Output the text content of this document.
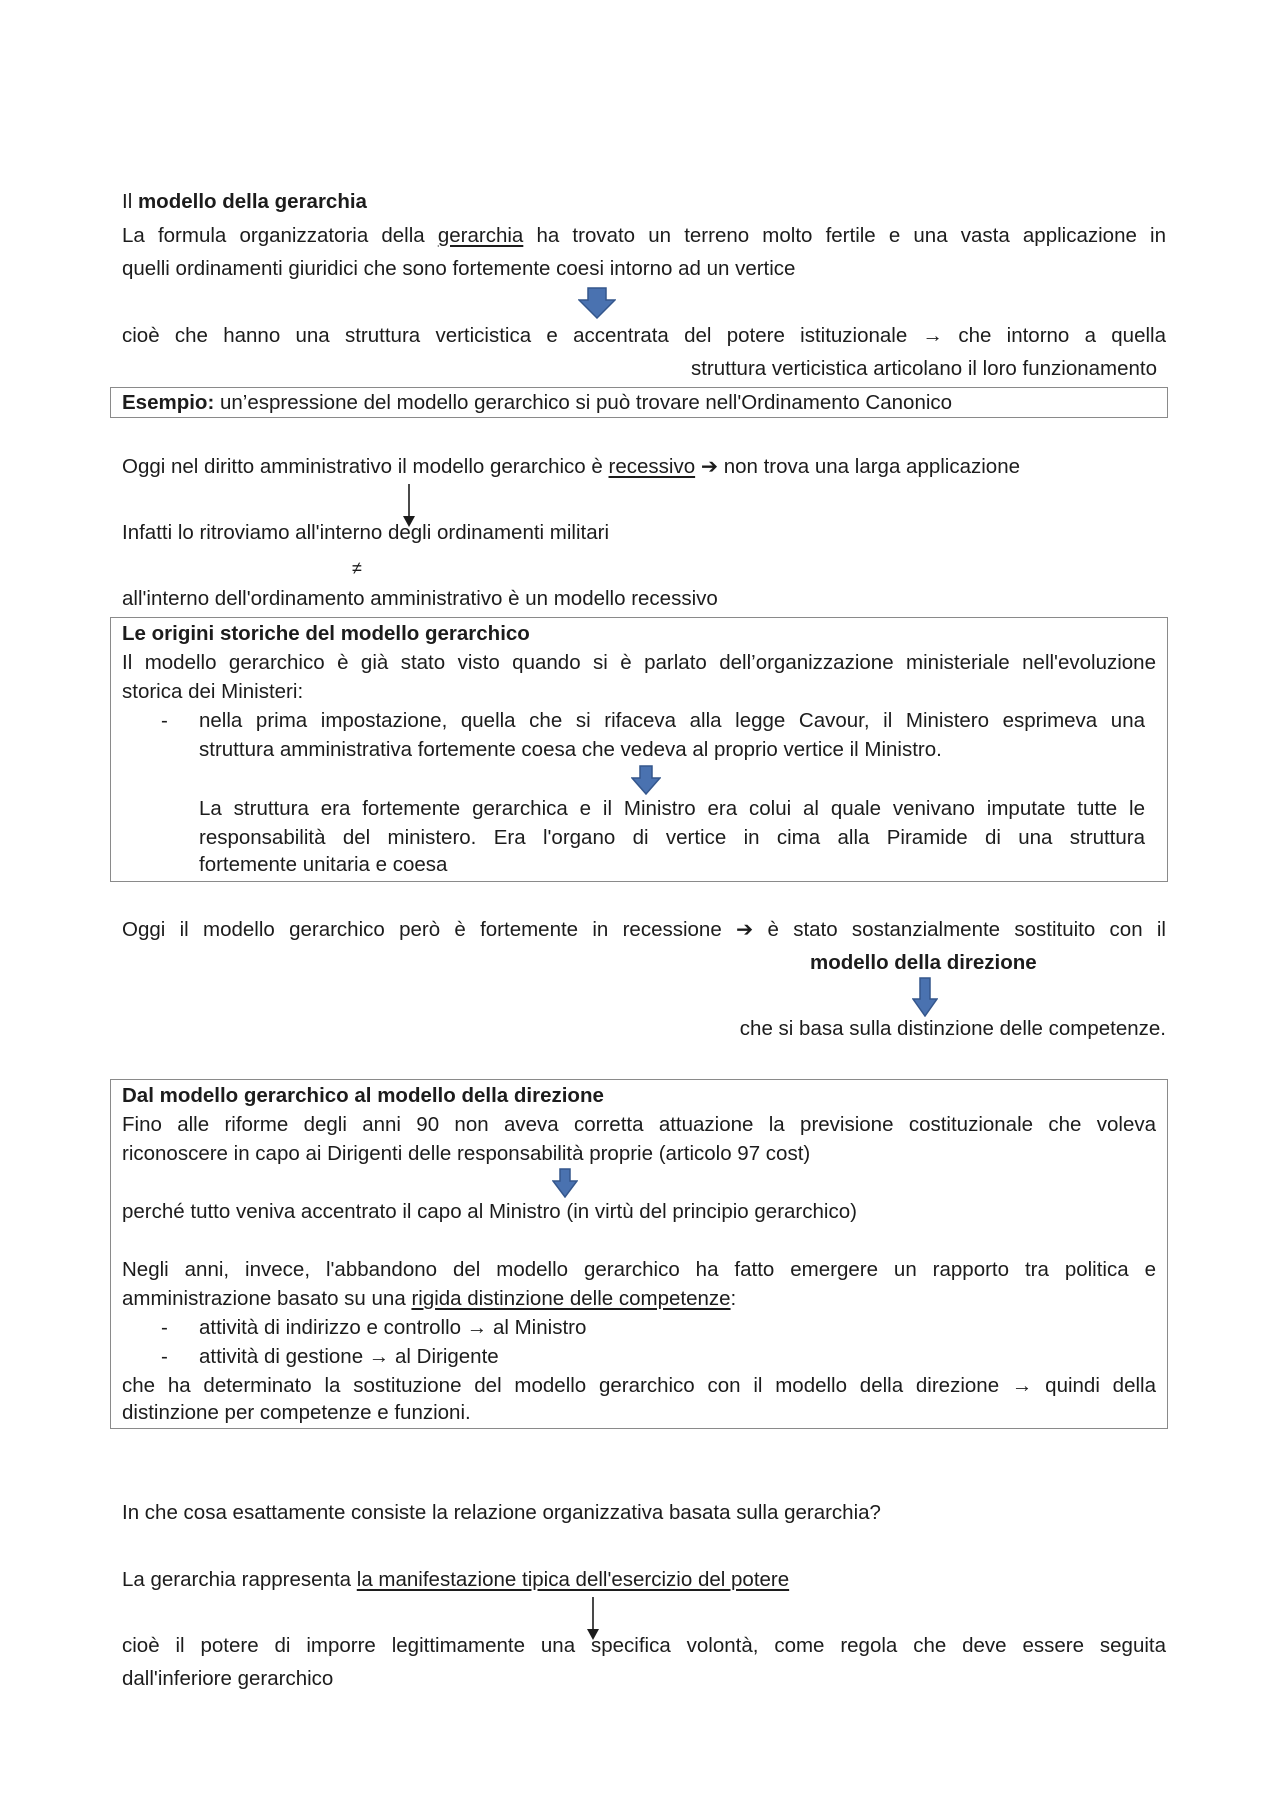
Il modello della gerarchia
La formula organizzatoria della gerarchia ha trovato un terreno molto fertile e una vasta applicazione in
quelli ordinamenti giuridici che sono fortemente coesi intorno ad un vertice
cioè che hanno una struttura verticistica e accentrata del potere istituzionale → che intorno a quella
struttura verticistica articolano il loro funzionamento
Esempio: un’espressione del modello gerarchico si può trovare nell'Ordinamento Canonico
Oggi nel diritto amministrativo il modello gerarchico è recessivo ➔ non trova una larga applicazione
Infatti lo ritroviamo all'interno degli ordinamenti militari
≠
all'interno dell'ordinamento amministrativo è un modello recessivo
Le origini storiche del modello gerarchico
Il modello gerarchico è già stato visto quando si è parlato dell’organizzazione ministeriale nell'evoluzione
storica dei Ministeri:
- nella prima impostazione, quella che si rifaceva alla legge Cavour, il Ministero esprimeva una
struttura amministrativa fortemente coesa che vedeva al proprio vertice il Ministro.
La struttura era fortemente gerarchica e il Ministro era colui al quale venivano imputate tutte le
responsabilità del ministero. Era l'organo di vertice in cima alla Piramide di una struttura
fortemente unitaria e coesa
Oggi il modello gerarchico però è fortemente in recessione ➔ è stato sostanzialmente sostituito con il
modello della direzione
che si basa sulla distinzione delle competenze.
Dal modello gerarchico al modello della direzione
Fino alle riforme degli anni 90 non aveva corretta attuazione la previsione costituzionale che voleva
riconoscere in capo ai Dirigenti delle responsabilità proprie (articolo 97 cost)
perché tutto veniva accentrato il capo al Ministro (in virtù del principio gerarchico)
Negli anni, invece, l'abbandono del modello gerarchico ha fatto emergere un rapporto tra politica e
amministrazione basato su una rigida distinzione delle competenze:
- attività di indirizzo e controllo → al Ministro
- attività di gestione → al Dirigente
che ha determinato la sostituzione del modello gerarchico con il modello della direzione → quindi della
distinzione per competenze e funzioni.
In che cosa esattamente consiste la relazione organizzativa basata sulla gerarchia?
La gerarchia rappresenta la manifestazione tipica dell'esercizio del potere
cioè il potere di imporre legittimamente una specifica volontà, come regola che deve essere seguita
dall'inferiore gerarchico
